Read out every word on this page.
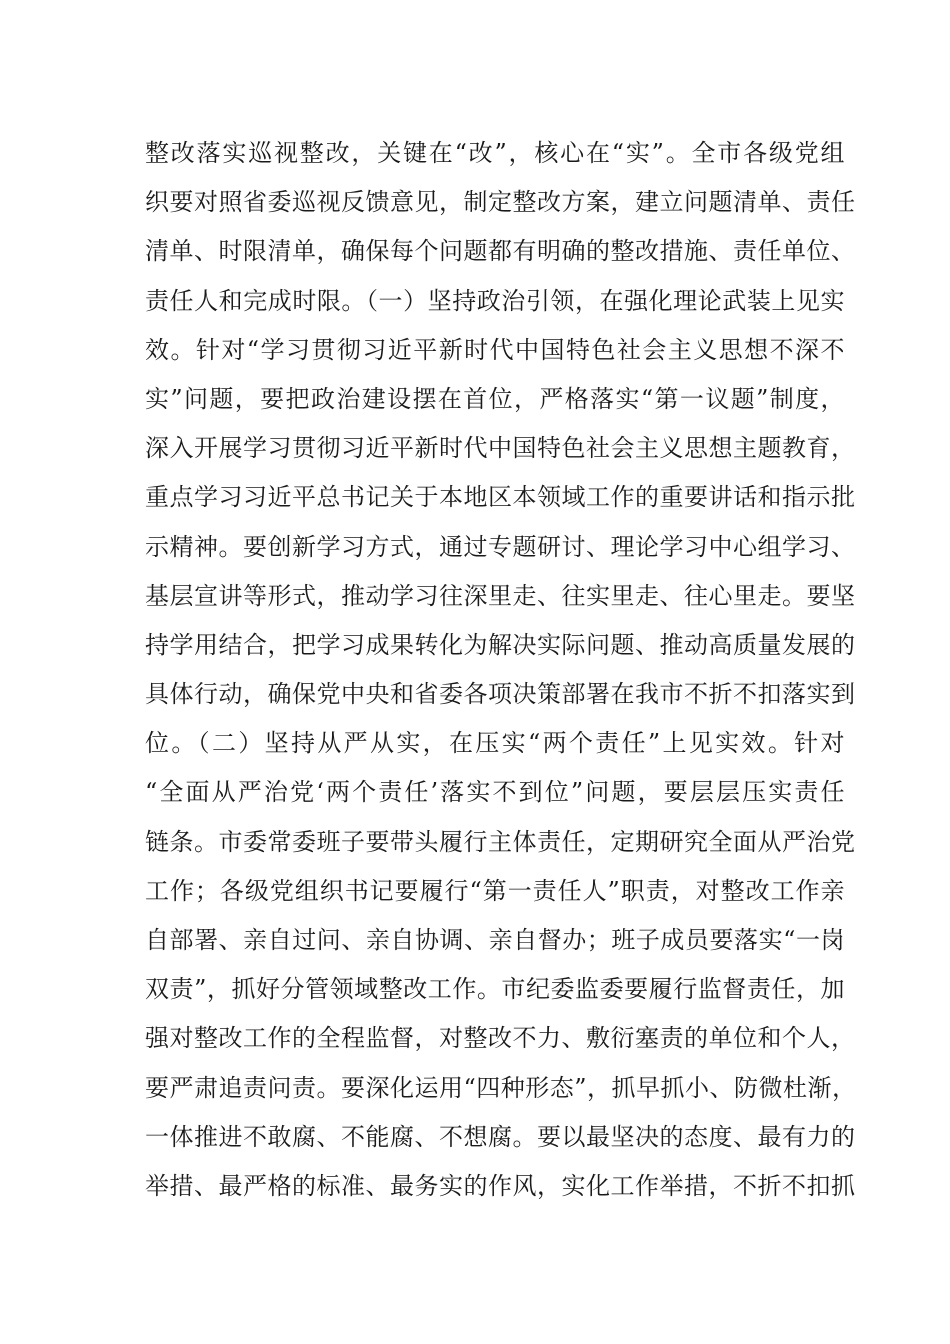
整改落实巡视整改，关键在“改”，核心在“实”。全市各级党组
织要对照省委巡视反馈意见，制定整改方案，建立问题清单、责任
清单、时限清单，确保每个问题都有明确的整改措施、责任单位、
责任人和完成时限。（一）坚持政治引领，在强化理论武装上见实
效。针对“学习贯彻习近平新时代中国特色社会主义思想不深不
实”问题，要把政治建设摆在首位，严格落实“第一议题”制度，
深入开展学习贯彻习近平新时代中国特色社会主义思想主题教育，
重点学习习近平总书记关于本地区本领域工作的重要讲话和指示批
示精神。要创新学习方式，通过专题研讨、理论学习中心组学习、
基层宣讲等形式，推动学习往深里走、往实里走、往心里走。要坚
持学用结合，把学习成果转化为解决实际问题、推动高质量发展的
具体行动，确保党中央和省委各项决策部署在我市不折不扣落实到
位。（二）坚持从严从实，在压实“两个责任”上见实效。针对
“全面从严治党‘两个责任’落实不到位”问题，要层层压实责任
链条。市委常委班子要带头履行主体责任，定期研究全面从严治党
工作；各级党组织书记要履行“第一责任人”职责，对整改工作亲
自部署、亲自过问、亲自协调、亲自督办；班子成员要落实“一岗
双责”，抓好分管领域整改工作。市纪委监委要履行监督责任，加
强对整改工作的全程监督，对整改不力、敷衍塞责的单位和个人，
要严肃追责问责。要深化运用“四种形态”，抓早抓小、防微杜渐，
一体推进不敢腐、不能腐、不想腐。要以最坚决的态度、最有力的
举措、最严格的标准、最务实的作风，实化工作举措，不折不扣抓
